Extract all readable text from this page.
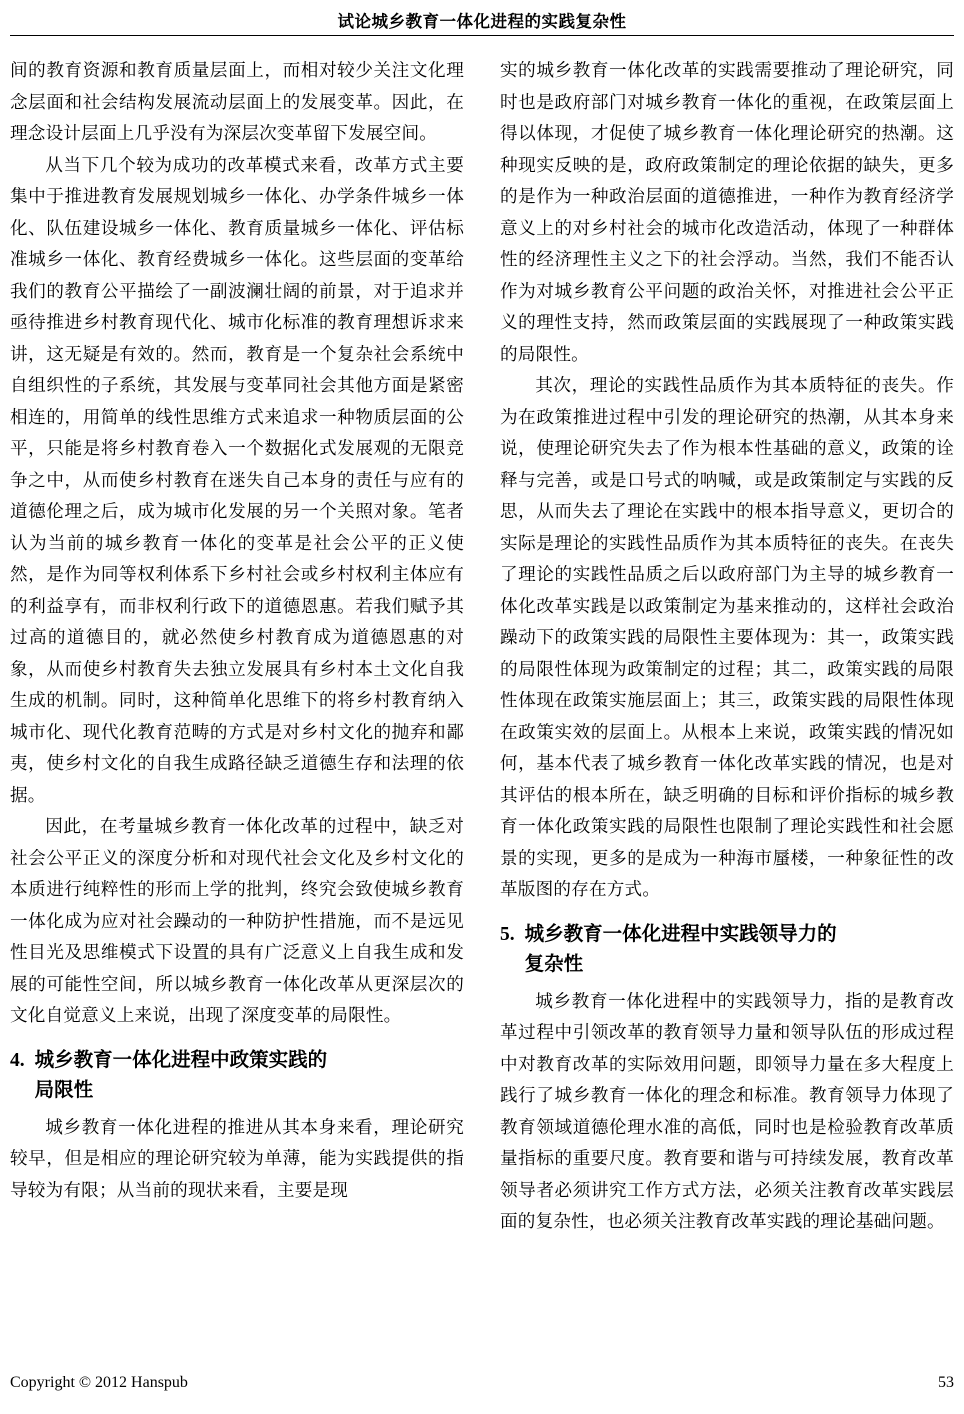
试论城乡教育一体化进程的实践复杂性

间的教育资源和教育质量层面上，而相对较少关注文化理念层面和社会结构发展流动层面上的发展变革。因此，在理念设计层面上几乎没有为深层次变革留下发展空间。

从当下几个较为成功的改革模式来看，改革方式主要集中于推进教育发展规划城乡一体化、办学条件城乡一体化、队伍建设城乡一体化、教育质量城乡一体化、评估标准城乡一体化、教育经费城乡一体化。这些层面的变革给我们的教育公平描绘了一副波澜壮阔的前景，对于追求并亟待推进乡村教育现代化、城市化标准的教育理想诉求来讲，这无疑是有效的。然而，教育是一个复杂社会系统中自组织性的子系统，其发展与变革同社会其他方面是紧密相连的，用简单的线性思维方式来追求一种物质层面的公平，只能是将乡村教育卷入一个数据化式发展观的无限竞争之中，从而使乡村教育在迷失自己本身的责任与应有的道德伦理之后，成为城市化发展的另一个关照对象。笔者认为当前的城乡教育一体化的变革是社会公平的正义使然，是作为同等权利体系下乡村社会或乡村权利主体应有的利益享有，而非权利行政下的道德恩惠。若我们赋予其过高的道德目的，就必然使乡村教育成为道德恩惠的对象，从而使乡村教育失去独立发展具有乡村本土文化自我生成的机制。同时，这种简单化思维下的将乡村教育纳入城市化、现代化教育范畴的方式是对乡村文化的抛弃和鄙夷，使乡村文化的自我生成路径缺乏道德生存和法理的依据。

因此，在考量城乡教育一体化改革的过程中，缺乏对社会公平正义的深度分析和对现代社会文化及乡村文化的本质进行纯粹性的形而上学的批判，终究会致使城乡教育一体化成为应对社会躁动的一种防护性措施，而不是远见性目光及思维模式下设置的具有广泛意义上自我生成和发展的可能性空间，所以城乡教育一体化改革从更深层次的文化自觉意义上来说，出现了深度变革的局限性。

4. 城乡教育一体化进程中政策实践的
局限性

城乡教育一体化进程的推进从其本身来看，理论研究较早，但是相应的理论研究较为单薄，能为实践提供的指导较为有限；从当前的现状来看，主要是现

实的城乡教育一体化改革的实践需要推动了理论研究，同时也是政府部门对城乡教育一体化的重视，在政策层面上得以体现，才促使了城乡教育一体化理论研究的热潮。这种现实反映的是，政府政策制定的理论依据的缺失，更多的是作为一种政治层面的道德推进，一种作为教育经济学意义上的对乡村社会的城市化改造活动，体现了一种群体性的经济理性主义之下的社会浮动。当然，我们不能否认作为对城乡教育公平问题的政治关怀，对推进社会公平正义的理性支持，然而政策层面的实践展现了一种政策实践的局限性。

其次，理论的实践性品质作为其本质特征的丧失。作为在政策推进过程中引发的理论研究的热潮，从其本身来说，使理论研究失去了作为根本性基础的意义，政策的诠释与完善，或是口号式的呐喊，或是政策制定与实践的反思，从而失去了理论在实践中的根本指导意义，更切合的实际是理论的实践性品质作为其本质特征的丧失。在丧失了理论的实践性品质之后以政府部门为主导的城乡教育一体化改革实践是以政策制定为基来推动的，这样社会政治躁动下的政策实践的局限性主要体现为：其一，政策实践的局限性体现为政策制定的过程；其二，政策实践的局限性体现在政策实施层面上；其三，政策实践的局限性体现在政策实效的层面上。从根本上来说，政策实践的情况如何，基本代表了城乡教育一体化改革实践的情况，也是对其评估的根本所在，缺乏明确的目标和评价指标的城乡教育一体化政策实践的局限性也限制了理论实践性和社会愿景的实现，更多的是成为一种海市蜃楼，一种象征性的改革版图的存在方式。

5. 城乡教育一体化进程中实践领导力的
复杂性

城乡教育一体化进程中的实践领导力，指的是教育改革过程中引领改革的教育领导力量和领导队伍的形成过程中对教育改革的实际效用问题，即领导力量在多大程度上践行了城乡教育一体化的理念和标准。教育领导力体现了教育领域道德伦理水准的高低，同时也是检验教育改革质量指标的重要尺度。教育要和谐与可持续发展，教育改革领导者必须讲究工作方式方法，必须关注教育改革实践层面的复杂性，也必须关注教育改革实践的理论基础问题。

Copyright © 2012 Hanspub	53
